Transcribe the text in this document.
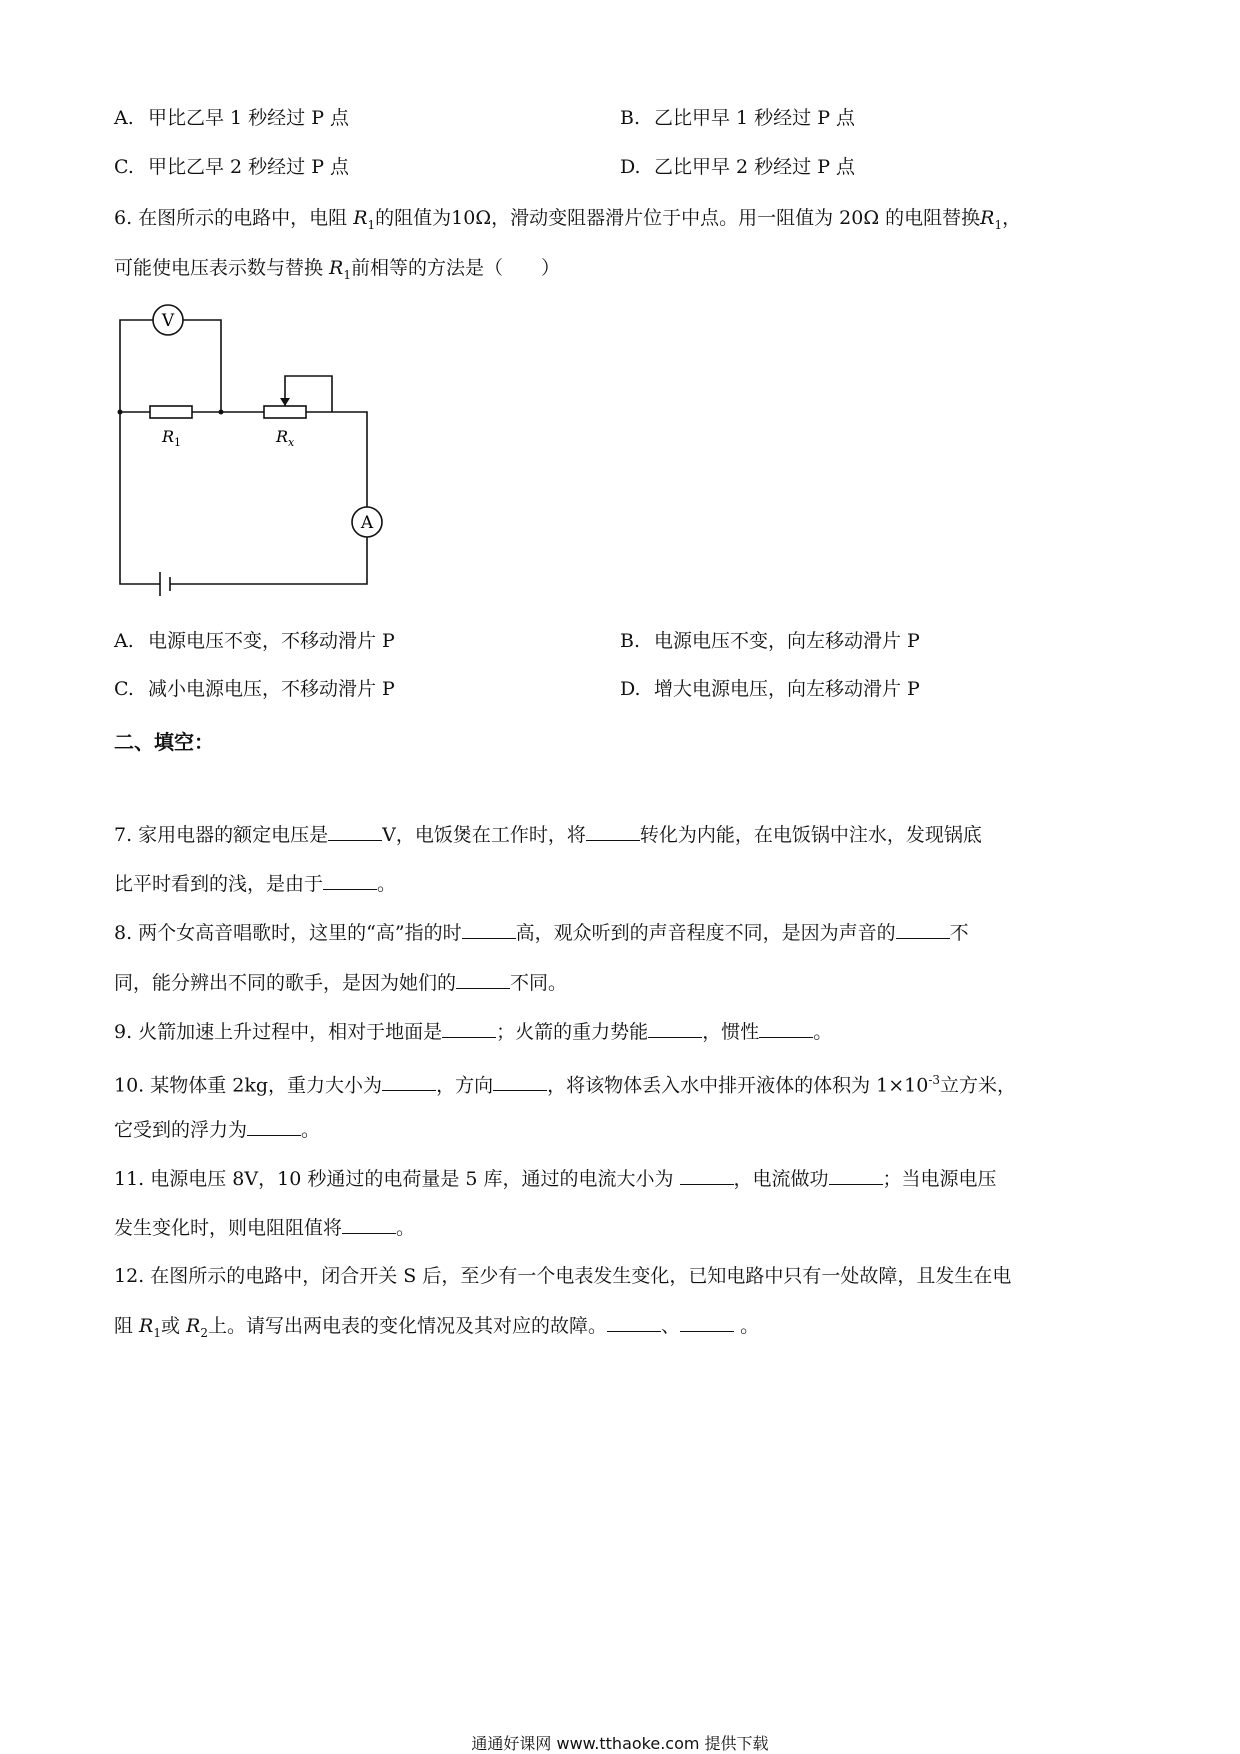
A. 甲比乙早 1 秒经过 P 点	B. 乙比甲早 1 秒经过 P 点
C. 甲比乙早 2 秒经过 P 点	D. 乙比甲早 2 秒经过 P 点
6. 在图所示的电路中，电阻 $R_1$的阻值为10Ω，滑动变阻器滑片位于中点。用一阻值为 20Ω 的电阻替换$R_1$，
可能使电压表示数与替换 $R_1$前相等的方法是（　　）
V
A
$R_1$	$R_x$
A. 电源电压不变，不移动滑片 P	B. 电源电压不变，向左移动滑片 P
C. 减小电源电压，不移动滑片 P	D. 增大电源电压，向左移动滑片 P
二、填空：
7. 家用电器的额定电压是	V，电饭煲在工作时，将	转化为内能，在电饭锅中注水，发现锅底
比平时看到的浅，是由于	。
8. 两个女高音唱歌时，这里的“高”指的时	高，观众听到的声音程度不同，是因为声音的	不
同，能分辨出不同的歌手，是因为她们的	不同。
9. 火箭加速上升过程中，相对于地面是	；火箭的重力势能	，惯性	。
10. 某物体重 2kg，重力大小为	，方向	，将该物体丢入水中排开液体的体积为 $1\times 10^{-3}$立方米，
它受到的浮力为	。
11. 电源电压 8V，10 秒通过的电荷量是 5 库，通过的电流大小为	，电流做功	；当电源电压
发生变化时，则电阻阻值将	。
12. 在图所示的电路中，闭合开关 S 后，至少有一个电表发生变化，已知电路中只有一处故障，且发生在电
阻 $R_1$或 $R_2$上。请写出两电表的变化情况及其对应的故障。	、	。
通通好课网 www.tthaoke.com 提供下载
